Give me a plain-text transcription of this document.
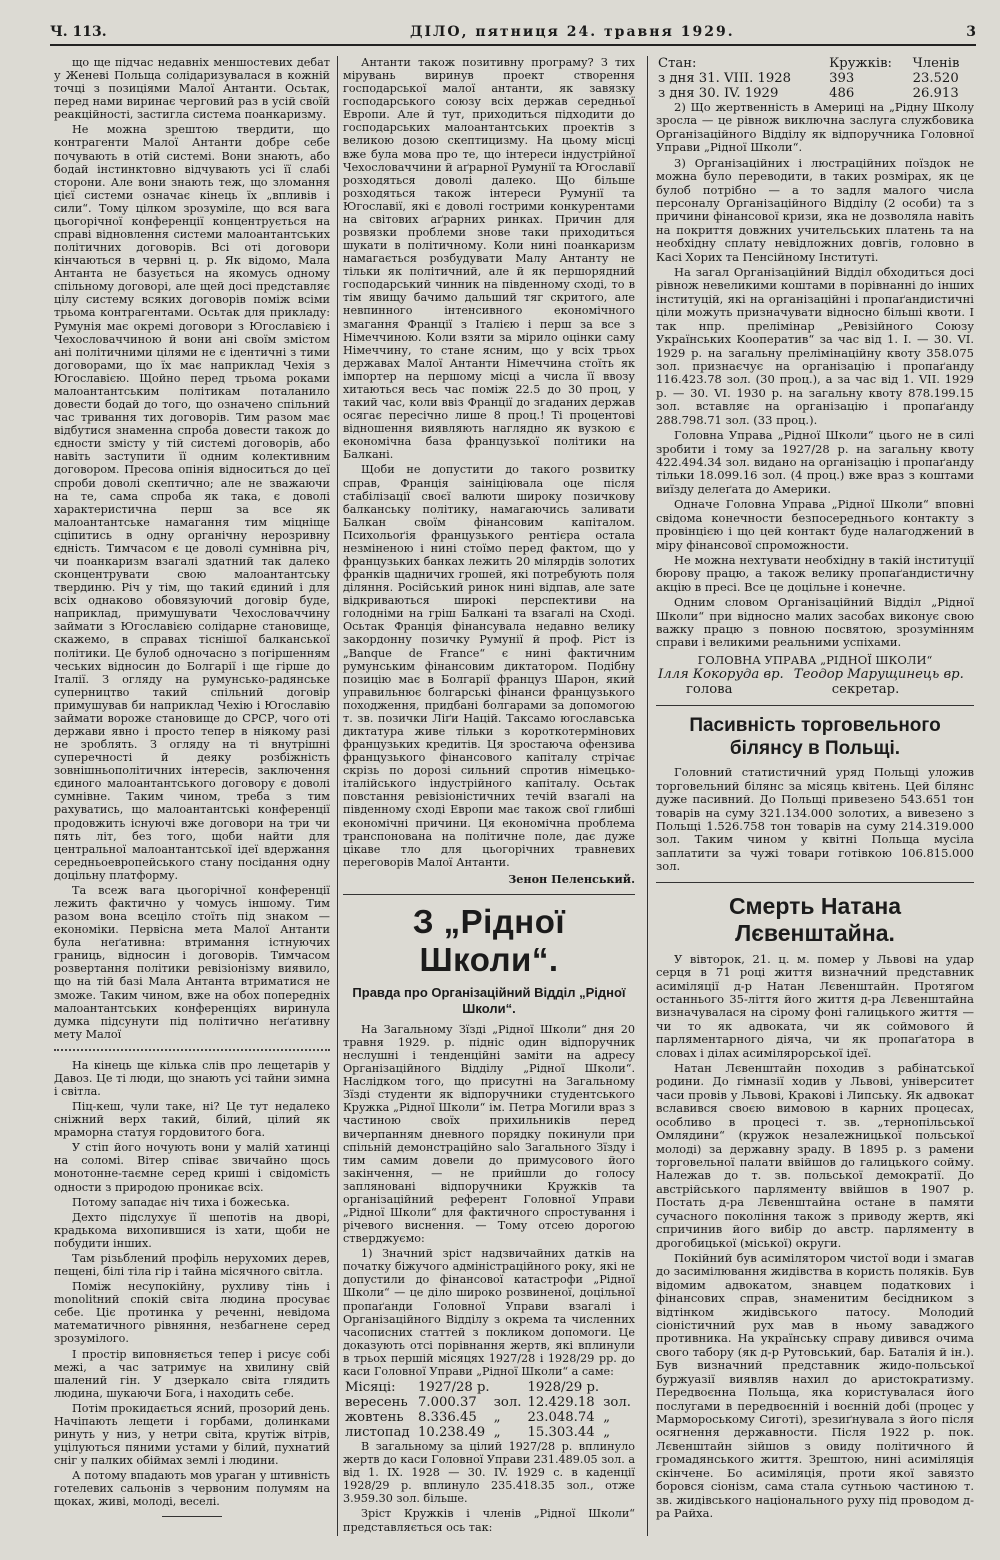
Ч. 113.	ДІЛО, пятниця 24. травня 1929.	3

що ще підчас недавніх меншостевих дебат у Женеві Польща солідаризувалася в кожній точці з позиціями Малої Антанти. Осьтак, перед нами виринає черговий раз в усій своїй реакційності, застигла система поанкаризму.

Не можна зрештою твердити, що контрагенти Малої Антанти добре себе почувають в отій системі. Вони знають, або бодай інстинктовно відчувають усі її слабі сторони. Але вони знають теж, що зломання цієї системи означає кінець їх „впливів і сили“. Тому цілком зрозуміле, що вся вага цьогорічної конференції концентрується на справі відновлення системи малоантантських політичних договорів. Всі оті договори кінчаються в червні ц. р. Як відомо, Мала Антанта не базується на якомусь одному спільному договорі, але щей досі представляє цілу систему всяких договорів поміж всіми трьома контрагентами. Осьтак для прикладу: Румунія має окремі договори з Югославією і Чехословаччиною й вони ані своїм змістом ані політичними цілями не є ідентичні з тими договорами, що їх має наприклад Чехія з Югославією. Щойно перед трьома роками малоантантським політикам поталанило довести бодай до того, що означено спільний час тривання тих договорів. Тим разом має відбутися знаменна спроба довести також до єдности змісту у тій системі договорів, або навіть заступити її одним колективним договором. Пресова опінія відноситься до цеї спроби доволі скептично; але не зважаючи на те, сама спроба як така, є доволі характеристична перш за все як малоантантське намагання тим міцніще сціпитись в одну органічну нерозривну єдність. Тимчасом є це доволі сумнівна річ, чи поанкаризм взагалі здатний так далеко сконцентрувати свою малоантантську твердиню. Річ у тім, що такий єдиний і для всіх однаково обовязуючий договір буде, наприклад, примушувати Чехословаччину займати з Югославією солідарне становище, скажемо, в справах тіснішої балканської політики. Це булоб одночасно з погіршенням чеських відносин до Болгарії і ще гірше до Італії. З огляду на румунсько-радянське суперництво такий спільний договір примушував би наприклад Чехію і Югославію займати вороже становище до СРСР, чого оті держави явно і просто тепер в ніякому разі не зроблять. З огляду на ті внутрішні суперечності й деяку розбіжність зовнішньополітичних інтересів, заключення єдиного малоантантського договору є доволі сумнівне. Таким чином, треба з тим рахуватись, що малоантантські конференції продовжить існуючі вже договори на три чи пять літ, без того, щоби найти для центральної малоантантської ідеї вдержання середньоевропейського стану посідання одну доцільну платформу.

Та всеж вага цьогорічної конференції лежить фактично у чомусь іншому. Тим разом вона всеціло стоїть під знаком — економіки. Первісна мета Малої Антанти була неґативна: втримання істнуючих границь, відносин і договорів. Тимчасом розвертання політики ревізіонізму виявило, що на тій базі Мала Антанта втриматися не зможе. Таким чином, вже на обох попередніх малоантантських конференціях виринула думка підсунути під політично неґативну мету Малої

На кінець ще кілька слів про лещетарів у Давоз. Це ті люди, що знають усі тайни зимна і світла.

Піц-кеш, чули таке, ні? Це тут недалеко сніжний верх такий, білий, цілий як мраморна статуя гордовитого бога.

У стіп його ночують вони у малій хатинці на соломі. Вітер співає звичайно щось монотонне-таємне серед криші і свідомість одности з природою проникає всіх.

Потому западає ніч тиха і божеська.

Дехто підслухує її шепотів на дворі, крадькома вихопившися із хати, щоби не побудити інших.

Там різьблений профіль нерухомих дерев, пещені, білі тіла гір і тайна місячного світла.

Поміж несупокійну, рухливу тінь і monolitний спокій світа людина просуває себе. Ціє протинка у реченні, невідома математичного рівняння, незбагнене серед зрозумілого.

І простір виповняється тепер і рисує собі межі, а час затримує на хвилину свій шалений гін. У дзеркало світа глядить людина, шукаючи Бога, і находить себе.

Потім прокидається ясний, прозорий день. Начіпають лещети і горбами, долинками ринуть у низ, у нетри світа, крутіж вітрів, уцілуються пяними устами у білий, пухнатий сніг у палких обіймах землі і людини.

А потому впадають мов урагaн у штивність готелевих сальонів з червоним полумям на щоках, живі, молоді, веселі.

Антанти також позитивну програму? З тих мірувань виринув проект створення господарської малої антанти, як завязку господарського союзу всіх держав середньої Европи. Але й тут, приходиться підходити до господарських малоантантських проектів з великою дозою скептицизму. На цьому місці вже була мова про те, що інтереси індустрійної Чехословаччини й аґрарної Румунії та Югославії розходяться доволі далеко. Що більше розходяться також інтереси Румунії та Югославії, які є доволі гострими конкурентами на світових аґрарних ринках. Причин для розвязки проблеми знове таки приходиться шукати в політичному. Коли нині поанкаризм намагається розбудувати Малу Антанту не тільки як політичний, але й як першорядний господарський чинник на південному сході, то в тім явищу бачимо дальший тяг скритого, але невпинного інтенсивного економічного змагання Франції з Італією і перш за все з Німеччиною. Коли взяти за мірило оцінки саму Німеччину, то стане ясним, що у всіх трьох державах Малої Антанти Німеччина стоїть як імпортер на першому місці а числа її ввозу хитаються весь час поміж 22.5 до 30 проц, у такий час, коли ввіз Франції до згаданих держав осягає пересічно лише 8 проц.! Ті процентові відношення виявляють наглядно як вузкою є економічна база французької політики на Балкані.

Щоби не допустити до такого розвитку справ, Франція заініціювала оце після стабілізації своєї валюти широку позичкову балканську політику, намагаючись заливати Балкан своїм фінансовим капіталом. Психольоґія французького рентієра остала незміненою і нині стоїмо перед фактом, що у французьких банках лежить 20 мілярдів золотих франків щадничих грошей, які потребують поля діляння. Російський ринок нині відпав, але зате відкриваються широкі перспективи на голодніми на гріш Балкані та взагалі на Сході. Осьтак Франція фінансувала недавно велику закордонну позичку Румунії й проф. Ріст із „Banque de France“ є нині фактичним румунським фінансовим диктатором. Подібну позицію має в Болгарії француз Шарон, який управильнює болгарські фінанси французького походження, придбані болгарами за допомогою т. зв. позички Ліґи Націй. Таксамо югославська диктатура живе тільки з короткотермінових французьких кредитів. Ця зростаюча офензива французького фінансового капіталу стрічає скрізь по дорозі сильний спротив німецько-італійського індустрійного капіталу. Осьтак повстання ревізіоністичних течій взагалі на південному сході Европи має також свої глибші економічні причини. Ця економічна проблема транспонована на політичне поле, дає дуже цікаве тло для цьогорічних травневих переговорів Малої Антанти.

Зенон Пеленський.

З „Рідної Школи“.
Правда про Організаційний Відділ „Рідної Школи“.

На Загальному Зїзді „Рідної Школи“ дня 20 травня 1929. р. підніс один відпоручник неслушні і тенденційні заміти на адресу Організаційного Відділу „Рідної Школи“. Наслідком того, що присутні на Загальному Зїзді студенти як відпоручники студентського Кружка „Рідної Школи“ ім. Петра Могили враз з частиною своїх прихильників перед вичерпанням дневного порядку покинули при спільній демонстраційно salo Загального Зїзду і тим самим довели до примусового його закінчення, — не прийшли до голосу заплянованi відпоручники Кружків та організаційний референт Головної Управи „Рідної Школи“ для фактичного спростування і річевого виснення. — Тому отсею дорогою стверджуємо:

1) Значний зріст надзвичайних датків на початку біжучого адміністраційного року, які не допустили до фінансової катастрофи „Рідної Школи“ — це діло широко розвиненої, доцільної пропаґанди Головної Управи взагалі і Організаційного Відділу з окрема та численних часописних статтей з покликом допомоги. Це доказують отсі порівнання жертв, які вплинули в трьох першій місяцях 1927/28 і 1928/29 рр. до каси Головної Управи „Рідної Школи“ а саме:

Місяці:	1927/28 р.		1928/29 р.	
вересень	7.000.37	зол.	12.429.18	зол.
жовтень	8.336.45	„	23.048.74	„
листопад	10.238.49	„	15.303.44	„

В загальному за цілий 1927/28 р. вплинуло жертв до каси Головної Управи 231.489.05 зол. а від 1. IX. 1928 — 30. IV. 1929 с. в каденції 1928/29 р. вплинуло 235.418.35 зол., отже 3.959.30 зол. більше.

Зріст Кружків і членів „Рідної Школи“ представляється ось так:

Стан:	Кружків:	Членів
з дня 31. VIII. 1928	393	23.520
з дня 30. IV. 1929	486	26.913

2) Що жертвенність в Америці на „Рідну Школу зросла — це рівнож виключна заслуга службовика Організаційного Відділу як відпоручника Головної Управи „Рідної Школи“.

3) Організаційних і люстраційних поїздок не можна було переводити, в таких розмірах, як це булоб потрібно — а то задля малого числа персоналу Організаційного Відділу (2 особи) та з причини фінансової кризи, яка не дозволяла навіть на покриття довжних учительських платень та на необхідну сплату невідложних довгів, головно в Касі Хорих та Пенсійному Інституті.

На загал Організаційний Відділ обходиться досі рівнож невеликими коштами в порівнанні до інших інституцій, які на організаційні і пропаґандистичні ціли можуть призначувати відносно більші квоти. І так нпр. прелімінар „Ревізійного Союзу Українських Кооператив“ за час від 1. І. — 30. VI. 1929 р. на загальну прелімінаційну квоту 358.075 зол. признаєчує на організацію і пропаґанду 116.423.78 зол. (30 проц.), а за час від 1. VII. 1929 р. — 30. VI. 1930 р. на загальну квоту 878.199.15 зол. вставляє на організацію і пропаґанду 288.798.71 зол. (33 проц.).

Головна Управа „Рідної Школи“ цього не в силі зробити і тому за 1927/28 р. на загальну квоту 422.494.34 зол. видано на організацію і пропаґанду тільки 18.099.16 зол. (4 проц.) вже враз з коштами виїзду делеґата до Америки.

Одначе Головна Управа „Рідної Школи“ вповні свідома конечности безпосереднього контакту з провінцією і що цей контакт буде налагоджений в міру фінансової спроможности.

Не можна нехтувати необхідну в такій інституції бюрову працю, а також велику пропаґандистичну акцію в пресі. Все це доцільне і конечне.

Одним словом Організаційний Відділ „Рідної Школи“ при відносно малих засобах виконує свою важку працю з повною посвятою, зрозумінням справи і великими реальними успіхами.

ГОЛОВНА УПРАВА „РІДНОЇ ШКОЛИ“
Ілля Кокоруда вр.	Теодор Марущинець вр.
голова	секретар.
Пасивність торговельного білянсу в Польщі.

Головний статистичний уряд Польщі уложив торговельний білянс за місяць квітень. Цей білянс дуже пасивний. До Польщі привезено 543.651 тон товарів на суму 321.134.000 золотих, а вивезено з Польщі 1.526.758 тон товарів на суму 214.319.000 зол. Таким чином у квітні Польща мусіла заплатити за чужі товари готівкою 106.815.000 зол.

Смерть Натана Лєвенштайна.

У вівторок, 21. ц. м. помер у Львові на удар серця в 71 році життя визначний представник асиміляції д-р Натан Лєвенштайн. Протягом останнього 35-ліття його життя д-ра Лєвенштайна визначувалася на сірому фоні галицького життя — чи то як адвоката, чи як соймового й парляментарного діяча, чи як пропаґатора в словах і ділах асимілярорської ідеї.

Натан Лєвенштайн походив з рабінатської родини. До гімназії ходив у Львові, університет часи провів у Львові, Кракові і Липську. Як адвокат вславився своєю вимовою в карних процесах, особливо в процесі т. зв. „тернопільської Омлядини“ (кружок незалежницької польської молоді) за державну зраду. В 1895 р. з рамени торговельної палати ввійшов до галицького сойму. Належав до т. зв. польської демократії. До австрійського парляменту ввійшов в 1907 р. Постать д-ра Лєвенштайна остане в памяти сучасного покоління також з приводу жертв, які спричинив його вибір до австр. парляменту в дрогобицької (міської) округи.

Покійний був асимілятором чистої води і змагав до засимілювання жидівства в користь поляків. Був відомим адвокатом, знавцем податкових і фінансових справ, знаменитим бесідником з відтінком жидівського патосу. Молодий сіоністичний рух мав в ньому заваджого противника. На українську справу дивився очима свого табору (як д-р Рутовський, бар. Баталія й ін.). Був визначний представник жидо-польської буржуазії виявляв нахил до аристократизму. Передвоєнна Польща, яка користувалася його послугами в передвоєнній і воєнній добі (процес у Мармороському Сиготі), зрезиґнувала з його після осягнення державности. Після 1922 р. пок. Лєвенштайн зійшов з овиду політичного й громадянського життя. Зрештою, нині асиміляція скінчене. Бо асиміляція, проти якої завязто боровся сіонізм, сама стала сутньою частиною т. зв. жидівського національного руху під проводом д-ра Райха.
